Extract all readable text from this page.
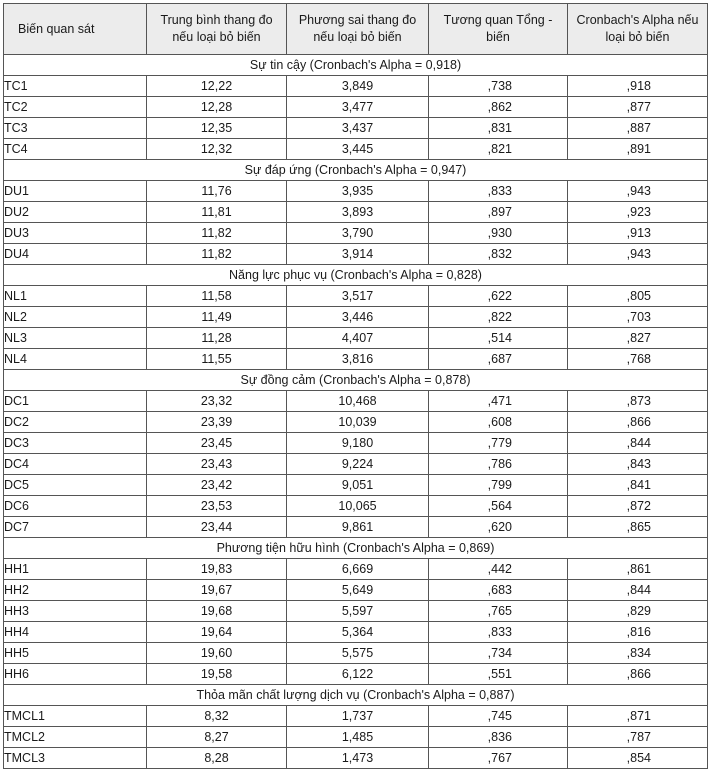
Biến quan sát	Trung bình thang đo nếu loại bỏ biến	Phương sai thang đo nếu loại bỏ biến	Tương quan Tổng - biến	Cronbach's Alpha nếu loại bỏ biến
Sự tin cậy (Cronbach's Alpha = 0,918)				
TC1	12,22	3,849	,738	,918
TC2	12,28	3,477	,862	,877
TC3	12,35	3,437	,831	,887
TC4	12,32	3,445	,821	,891
Sự đáp ứng (Cronbach's Alpha = 0,947)				
DU1	11,76	3,935	,833	,943
DU2	11,81	3,893	,897	,923
DU3	11,82	3,790	,930	,913
DU4	11,82	3,914	,832	,943
Năng lực phục vụ (Cronbach's Alpha = 0,828)				
NL1	11,58	3,517	,622	,805
NL2	11,49	3,446	,822	,703
NL3	11,28	4,407	,514	,827
NL4	11,55	3,816	,687	,768
Sự đồng cảm (Cronbach's Alpha = 0,878)				
DC1	23,32	10,468	,471	,873
DC2	23,39	10,039	,608	,866
DC3	23,45	9,180	,779	,844
DC4	23,43	9,224	,786	,843
DC5	23,42	9,051	,799	,841
DC6	23,53	10,065	,564	,872
DC7	23,44	9,861	,620	,865
Phương tiện hữu hình (Cronbach's Alpha = 0,869)				
HH1	19,83	6,669	,442	,861
HH2	19,67	5,649	,683	,844
HH3	19,68	5,597	,765	,829
HH4	19,64	5,364	,833	,816
HH5	19,60	5,575	,734	,834
HH6	19,58	6,122	,551	,866
Thỏa mãn chất lượng dịch vụ (Cronbach's Alpha = 0,887)				
TMCL1	8,32	1,737	,745	,871
TMCL2	8,27	1,485	,836	,787
TMCL3	8,28	1,473	,767	,854
